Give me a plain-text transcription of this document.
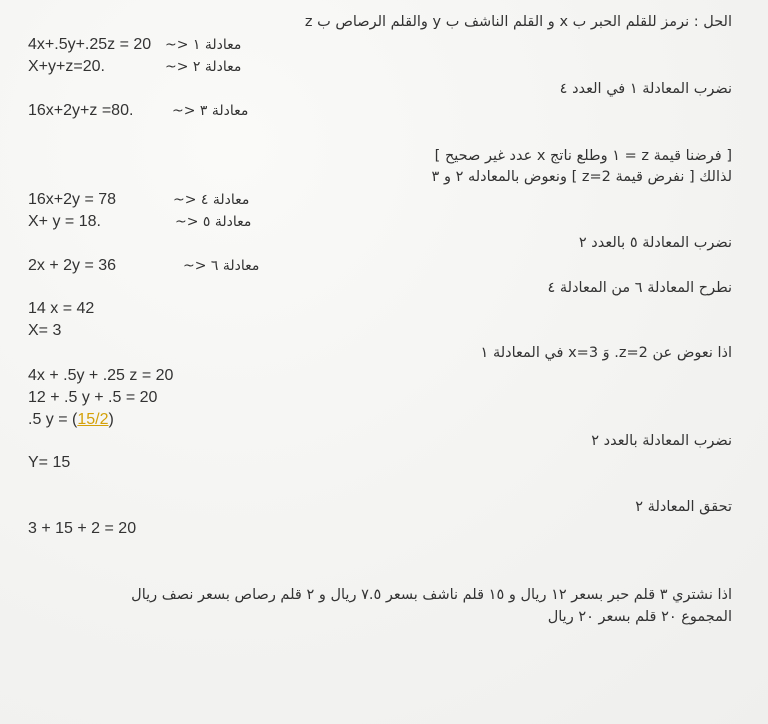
الحل : نرمز للقلم الحبر ب x و القلم الناشف ب y والقلم الرصاص ب z
4x+.5y+.25z = 20 معادلة ١ <~
X+y+z=20.	معادلة ٢ <~
نضرب المعادلة ١ في العدد ٤
16x+2y+z =80.	معادلة ٣ <~
[ فرضنا قيمة z = ١ وطلع ناتج x عدد غير صحيح ]
لذالك [ نفرض قيمة z=2 ] ونعوض بالمعادله ٢ و ٣
16x+2y = 78	معادلة ٤ <~
X+ y = 18.	معادلة ٥ <~
نضرب المعادلة ٥ بالعدد ٢
2x + 2y = 36	معادلة ٦ <~
نطرح المعادلة ٦ من المعادلة ٤
14 x = 42
X= 3
اذا نعوض عن z=2. وَ x=3 في المعادلة ١
4x + .5y + .25 z = 20
12 + .5 y + .5 = 20
.5 y = (15/2)
نضرب المعادلة بالعدد ٢
Y= 15
تحقق المعادلة ٢
3 + 15 + 2 = 20
اذا نشتري ٣ قلم حبر بسعر ١٢ ريال و ١٥ قلم ناشف بسعر ٧.٥ ريال و ٢ قلم رصاص بسعر نصف ريال
المجموع ٢٠ قلم بسعر ٢٠ ريال
